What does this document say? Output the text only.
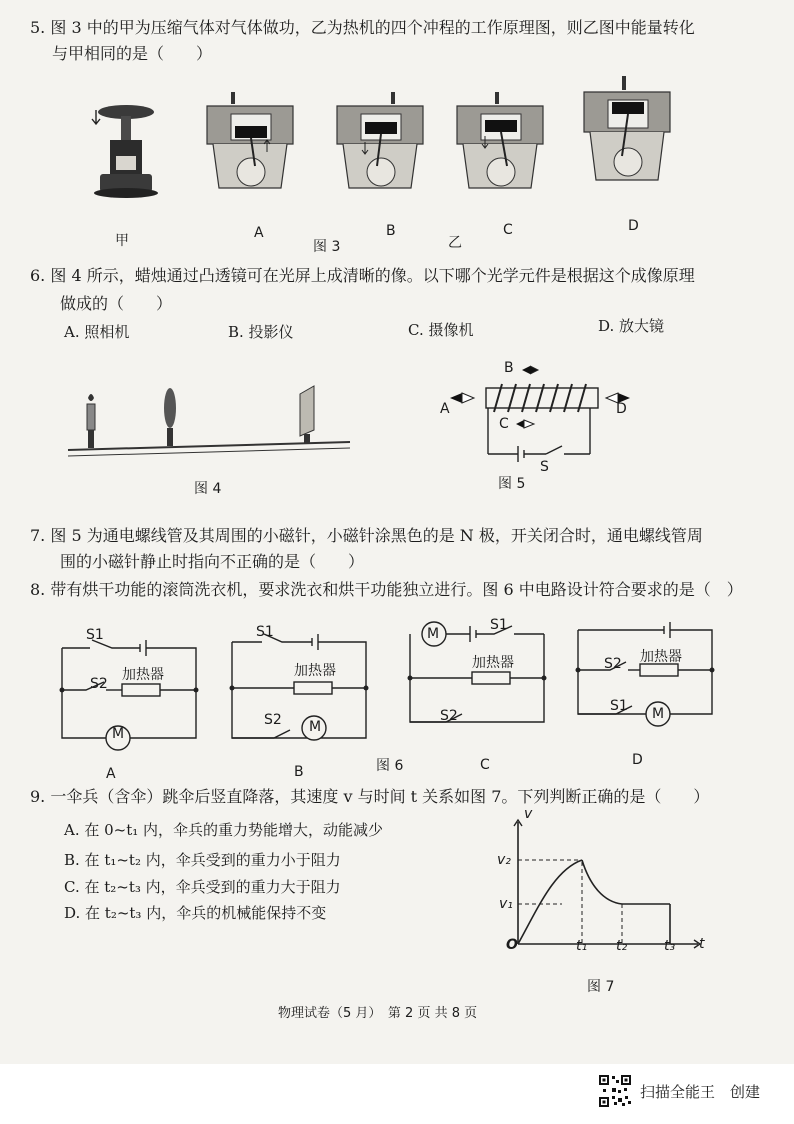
5. 图 3 中的甲为压缩气体对气体做功，乙为热机的四个冲程的工作原理图，则乙图中能量转化
与甲相同的是（　　）
甲	A
图 3
B
乙
C	D
6. 图 4 所示，蜡烛通过凸透镜可在光屏上成清晰的像。以下哪个光学元件是根据这个成像原理
做成的（　　）
A. 照相机	B. 投影仪	C. 摄像机	D. 放大镜
图 4
B
A
C
D
S
图 5
7. 图 5 为通电螺线管及其周围的小磁针，小磁针涂黑色的是 N 极，开关闭合时，通电螺线管周
围的小磁针静止时指向不正确的是（　　）
8. 带有烘干功能的滚筒洗衣机，要求洗衣和烘干功能独立进行。图 6 中电路设计符合要求的是（　）
S1
S2
加热器
M
A
S1
加热器
S2 M
B
M
S1
加热器
S2
C
图 6
S2 加热器
S1 M
D
9. 一伞兵（含伞）跳伞后竖直降落，其速度 v 与时间 t 关系如图 7。下列判断正确的是（　　）
A. 在 0~t₁ 内，伞兵的重力势能增大，动能减少
B. 在 t₁~t₂ 内，伞兵受到的重力小于阻力
C. 在 t₂~t₃ 内，伞兵受到的重力大于阻力
D. 在 t₂~t₃ 内，伞兵的机械能保持不变
v
v₂
v₁
O	t₁ t₂	t₃ t
图 7
物理试卷（5 月）　第 2 页 共 8 页
扫描全能王　创建
